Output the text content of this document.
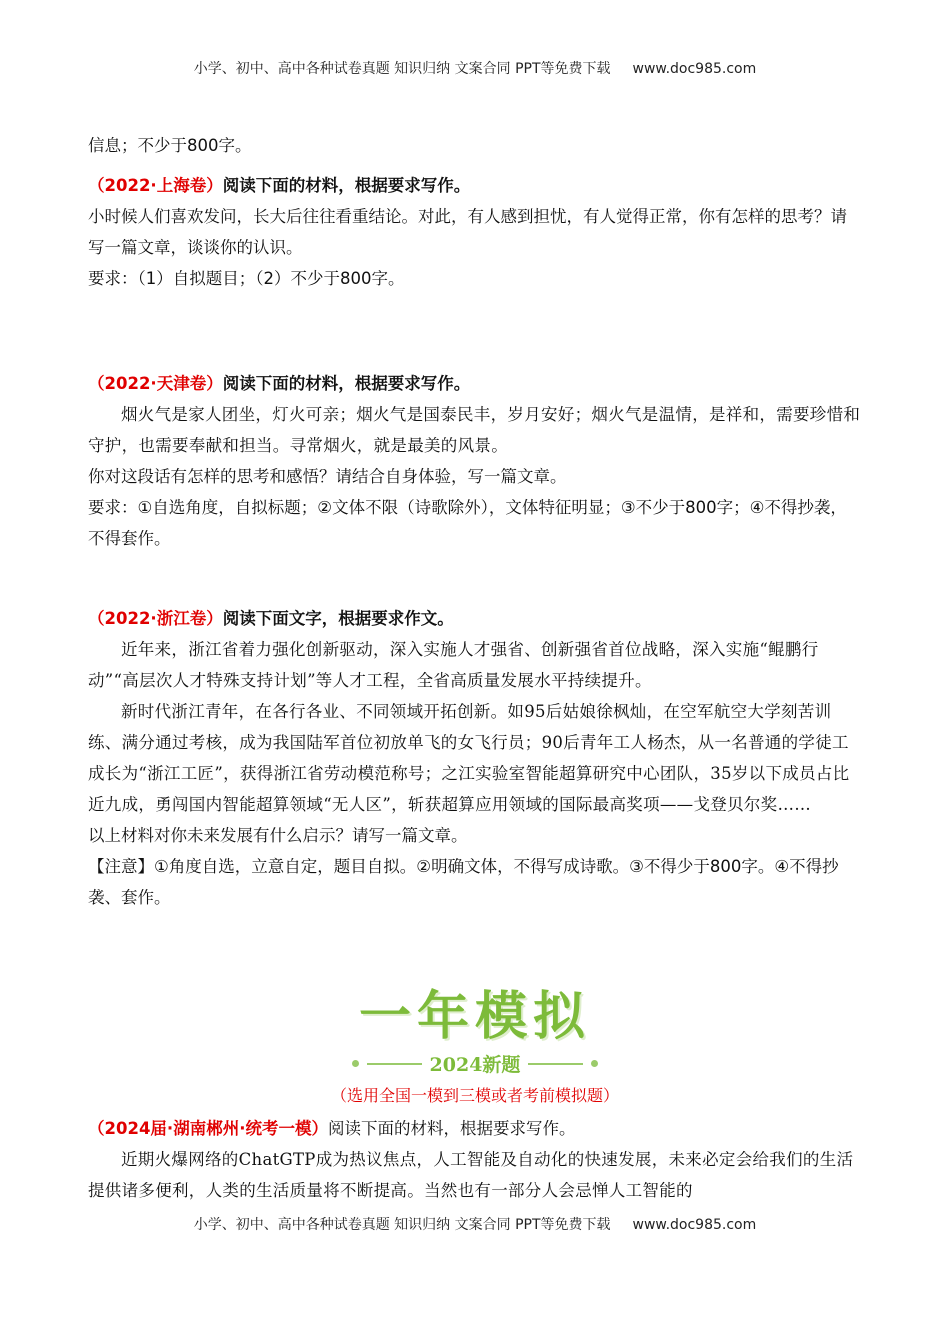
小学、初中、高中各种试卷真题 知识归纳 文案合同 PPT等免费下载 www.doc985.com

信息；不少于800字。

（2022·上海卷）阅读下面的材料，根据要求写作。

小时候人们喜欢发问，长大后往往看重结论。对此，有人感到担忧，有人觉得正常，你有怎样的思考？请写一篇文章，谈谈你的认识。

要求：（1）自拟题目；（2）不少于800字。

（2022·天津卷）阅读下面的材料，根据要求写作。

烟火气是家人团坐，灯火可亲；烟火气是国泰民丰，岁月安好；烟火气是温情，是祥和，需要珍惜和守护，也需要奉献和担当。寻常烟火，就是最美的风景。

你对这段话有怎样的思考和感悟？请结合自身体验，写一篇文章。

要求：①自选角度，自拟标题；②文体不限（诗歌除外），文体特征明显；③不少于800字；④不得抄袭，不得套作。

（2022·浙江卷）阅读下面文字，根据要求作文。

近年来，浙江省着力强化创新驱动，深入实施人才强省、创新强省首位战略，深入实施“鲲鹏行动”“高层次人才特殊支持计划”等人才工程，全省高质量发展水平持续提升。

新时代浙江青年，在各行各业、不同领域开拓创新。如95后姑娘徐枫灿，在空军航空大学刻苦训练、满分通过考核，成为我国陆军首位初放单飞的女飞行员；90后青年工人杨杰，从一名普通的学徒工成长为“浙江工匠”，获得浙江省劳动模范称号；之江实验室智能超算研究中心团队，35岁以下成员占比近九成，勇闯国内智能超算领域“无人区”，斩获超算应用领域的国际最高奖项——戈登贝尔奖……

以上材料对你未来发展有什么启示？请写一篇文章。

【注意】①角度自选，立意自定，题目自拟。②明确文体，不得写成诗歌。③不得少于800字。④不得抄袭、套作。

一年模拟
2024新题
（选用全国一模到三模或者考前模拟题）

（2024届·湖南郴州·统考一模）阅读下面的材料，根据要求写作。

近期火爆网络的ChatGTP成为热议焦点，人工智能及自动化的快速发展，未来必定会给我们的生活提供诸多便利，人类的生活质量将不断提高。当然也有一部分人会忌惮人工智能的

小学、初中、高中各种试卷真题 知识归纳 文案合同 PPT等免费下载 www.doc985.com
